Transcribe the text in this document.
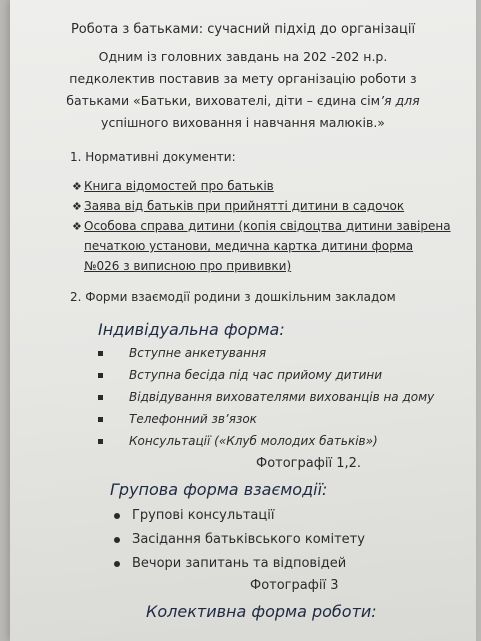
Робота з батьками: сучасний підхід до організації
Одним із головних завдань на 202 -202 н.р.
педколектив поставив за мету організацію роботи з
батьками «Батьки, вихователі, діти – єдина сім’я для
успішного виховання і навчання малюків.»
1. Нормативні документи:
❖ Книга відомостей про батьків
❖ Заява від батьків при прийнятті дитини в садочок
❖ Особова справа дитини (копія свідоцтва дитини завірена
печаткою установи, медична картка дитини форма
№026 з виписною про прививки)
2. Форми взаємодії родини з дошкільним закладом
Індивідуальна форма:
Вступне анкетування
Вступна бесіда під час прийому дитини
Відвідування вихователями вихованців на дому
Телефонний зв’язок
Консультації («Клуб молодих батьків»)
Фотографії 1,2.
Групова форма взаємодії:
Групові консультації
Засідання батьківського комітету
Вечори запитань та відповідей
Фотографії 3
Колективна форма роботи:
